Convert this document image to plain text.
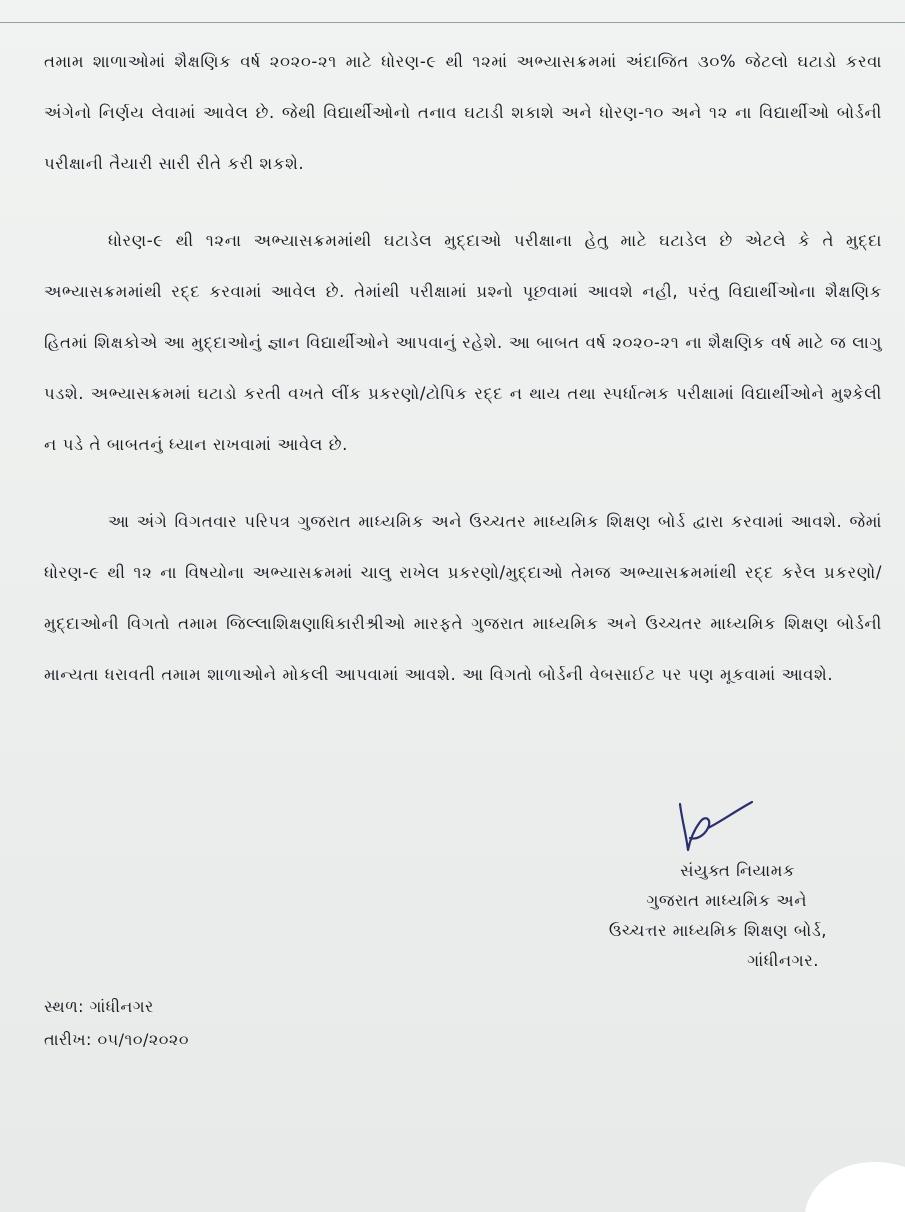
તમામ શાળાઓમાં શૈક્ષણિક વર્ષ ૨૦૨૦-૨૧ માટે ધોરણ-૯ થી ૧૨માં અભ્યાસક્રમમાં અંદાજિત ૩૦% જેટલો ઘટાડો કરવા અંગેનો નિર્ણય લેવામાં આવેલ છે. જેથી વિદ્યાર્થીઓનો તનાવ ઘટાડી શકાશે અને ધોરણ-૧૦ અને ૧૨ ના વિદ્યાર્થીઓ બોર્ડની પરીક્ષાની તૈયારી સારી રીતે કરી શકશે.

ધોરણ-૯ થી ૧૨ના અભ્યાસક્રમમાંથી ઘટાડેલ મુદ્દાઓ પરીક્ષાના હેતુ માટે ઘટાડેલ છે એટલે કે તે મુદ્દા અભ્યાસક્રમમાંથી રદ્દ કરવામાં આવેલ છે. તેમાંથી પરીક્ષામાં પ્રશ્નો પૂછવામાં આવશે નહી, પરંતુ વિદ્યાર્થીઓના શૈક્ષણિક હિતમાં શિક્ષકોએ આ મુદ્દાઓનું જ્ઞાન વિદ્યાર્થીઓને આપવાનું રહેશે. આ બાબત વર્ષ ૨૦૨૦-૨૧ ના શૈક્ષણિક વર્ષ માટે જ લાગુ પડશે. અભ્યાસક્રમમાં ઘટાડો કરતી વખતે લીંક પ્રકરણો/ટોપિક રદ્દ ન થાય તથા સ્પર્ધાત્મક પરીક્ષામાં વિદ્યાર્થીઓને મુશ્કેલી ન પડે તે બાબતનું ધ્યાન રાખવામાં આવેલ છે.

આ અંગે વિગતવાર પરિપત્ર ગુજરાત માધ્યમિક અને ઉચ્ચતર માધ્યમિક શિક્ષણ બોર્ડ દ્વારા કરવામાં આવશે. જેમાં ધોરણ-૯ થી ૧૨ ના વિષયોના અભ્યાસક્રમમાં ચાલુ રાખેલ પ્રકરણો/મુદ્દાઓ તેમજ અભ્યાસક્રમમાંથી રદ્દ કરેલ પ્રકરણો/મુદ્દાઓની વિગતો તમામ જિલ્લાશિક્ષણાધિકારીશ્રીઓ મારફતે ગુજરાત માધ્યમિક અને ઉચ્ચતર માધ્યમિક શિક્ષણ બોર્ડની માન્યતા ધરાવતી તમામ શાળાઓને મોકલી આપવામાં આવશે. આ વિગતો બોર્ડની વેબસાઈટ પર પણ મૂકવામાં આવશે.

સંયુક્ત નિયામક
ગુજરાત માધ્યમિક અને
ઉચ્ચત્તર માધ્યમિક શિક્ષણ બોર્ડ,
ગાંધીનગર.
સ્થળ: ગાંધીનગર
તારીખ: ૦૫/૧૦/૨૦૨૦
